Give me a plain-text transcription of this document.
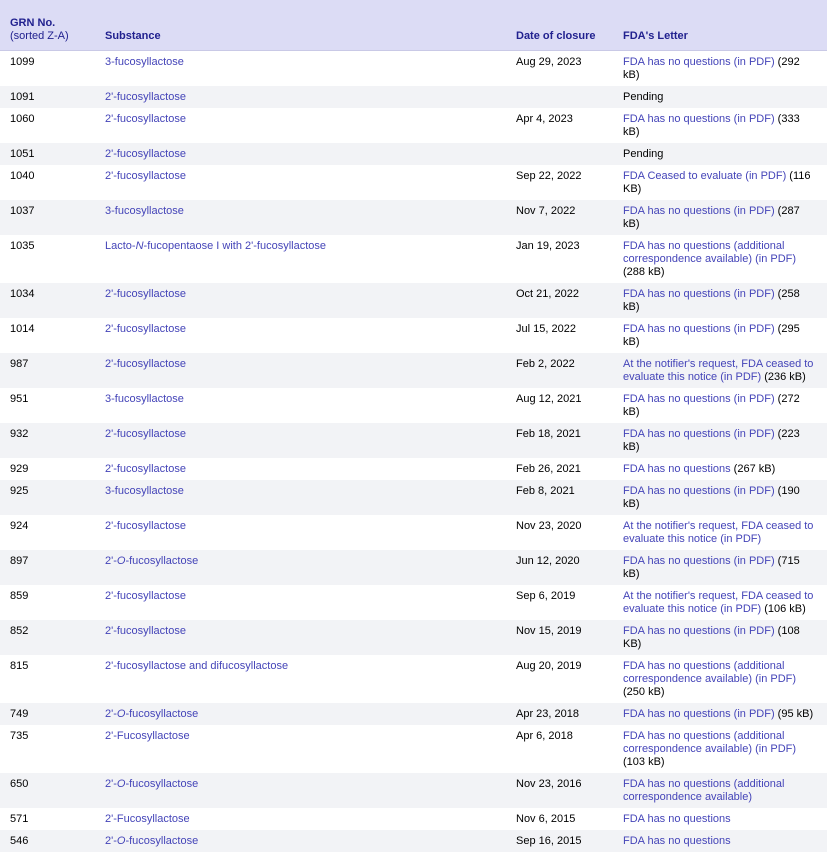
GRN No.
(sorted Z-A)	Substance	Date of closure	FDA's Letter
1099	3-fucosyllactose	Aug 29, 2023	FDA has no questions (in PDF) (292 kB)
1091	2'-fucosyllactose		Pending
1060	2'-fucosyllactose	Apr 4, 2023	FDA has no questions (in PDF) (333 kB)
1051	2'-fucosyllactose		Pending
1040	2'-fucosyllactose	Sep 22, 2022	FDA Ceased to evaluate (in PDF) (116 KB)
1037	3-fucosyllactose	Nov 7, 2022	FDA has no questions (in PDF) (287 kB)
1035	Lacto-N-fucopentaose I with 2'-fucosyllactose	Jan 19, 2023	FDA has no questions (additional correspondence available) (in PDF) (288 kB)
1034	2'-fucosyllactose	Oct 21, 2022	FDA has no questions (in PDF) (258 kB)
1014	2'-fucosyllactose	Jul 15, 2022	FDA has no questions (in PDF) (295 kB)
987	2'-fucosyllactose	Feb 2, 2022	At the notifier's request, FDA ceased to evaluate this notice (in PDF) (236 kB)
951	3-fucosyllactose	Aug 12, 2021	FDA has no questions (in PDF) (272 kB)
932	2'-fucosyllactose	Feb 18, 2021	FDA has no questions (in PDF) (223 kB)
929	2'-fucosyllactose	Feb 26, 2021	FDA has no questions (267 kB)
925	3-fucosyllactose	Feb 8, 2021	FDA has no questions (in PDF) (190 kB)
924	2'-fucosyllactose	Nov 23, 2020	At the notifier's request, FDA ceased to evaluate this notice (in PDF)
897	2'-O-fucosyllactose	Jun 12, 2020	FDA has no questions (in PDF) (715 kB)
859	2'-fucosyllactose	Sep 6, 2019	At the notifier's request, FDA ceased to evaluate this notice (in PDF) (106 kB)
852	2'-fucosyllactose	Nov 15, 2019	FDA has no questions (in PDF) (108 KB)
815	2'-fucosyllactose and difucosyllactose	Aug 20, 2019	FDA has no questions (additional correspondence available) (in PDF) (250 kB)
749	2'-O-fucosyllactose	Apr 23, 2018	FDA has no questions (in PDF) (95 kB)
735	2'-Fucosyllactose	Apr 6, 2018	FDA has no questions (additional correspondence available) (in PDF) (103 kB)
650	2'-O-fucosyllactose	Nov 23, 2016	FDA has no questions (additional correspondence available)
571	2'-Fucosyllactose	Nov 6, 2015	FDA has no questions
546	2'-O-fucosyllactose	Sep 16, 2015	FDA has no questions
